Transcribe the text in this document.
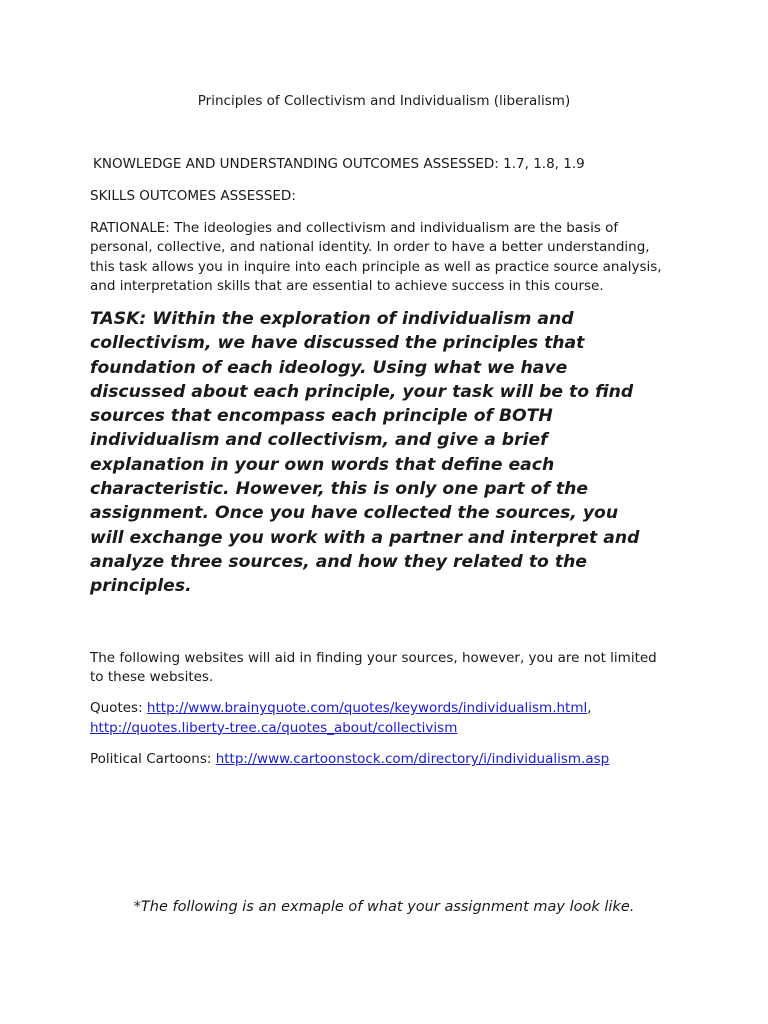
Principles of Collectivism and Individualism (liberalism)
KNOWLEDGE AND UNDERSTANDING OUTCOMES ASSESSED: 1.7, 1.8, 1.9
SKILLS OUTCOMES ASSESSED:
RATIONALE: The ideologies and collectivism and individualism are the basis of
personal, collective, and national identity. In order to have a better understanding,
this task allows you in inquire into each principle as well as practice source analysis,
and interpretation skills that are essential to achieve success in this course.
TASK: Within the exploration of individualism and
collectivism, we have discussed the principles that
foundation of each ideology. Using what we have
discussed about each principle, your task will be to find
sources that encompass each principle of BOTH
individualism and collectivism, and give a brief
explanation in your own words that define each
characteristic. However, this is only one part of the
assignment. Once you have collected the sources, you
will exchange you work with a partner and interpret and
analyze three sources, and how they related to the
principles.
The following websites will aid in finding your sources, however, you are not limited
to these websites.
Quotes: http://www.brainyquote.com/quotes/keywords/individualism.html,
http://quotes.liberty-tree.ca/quotes_about/collectivism
Political Cartoons: http://www.cartoonstock.com/directory/i/individualism.asp
*The following is an exmaple of what your assignment may look like.
